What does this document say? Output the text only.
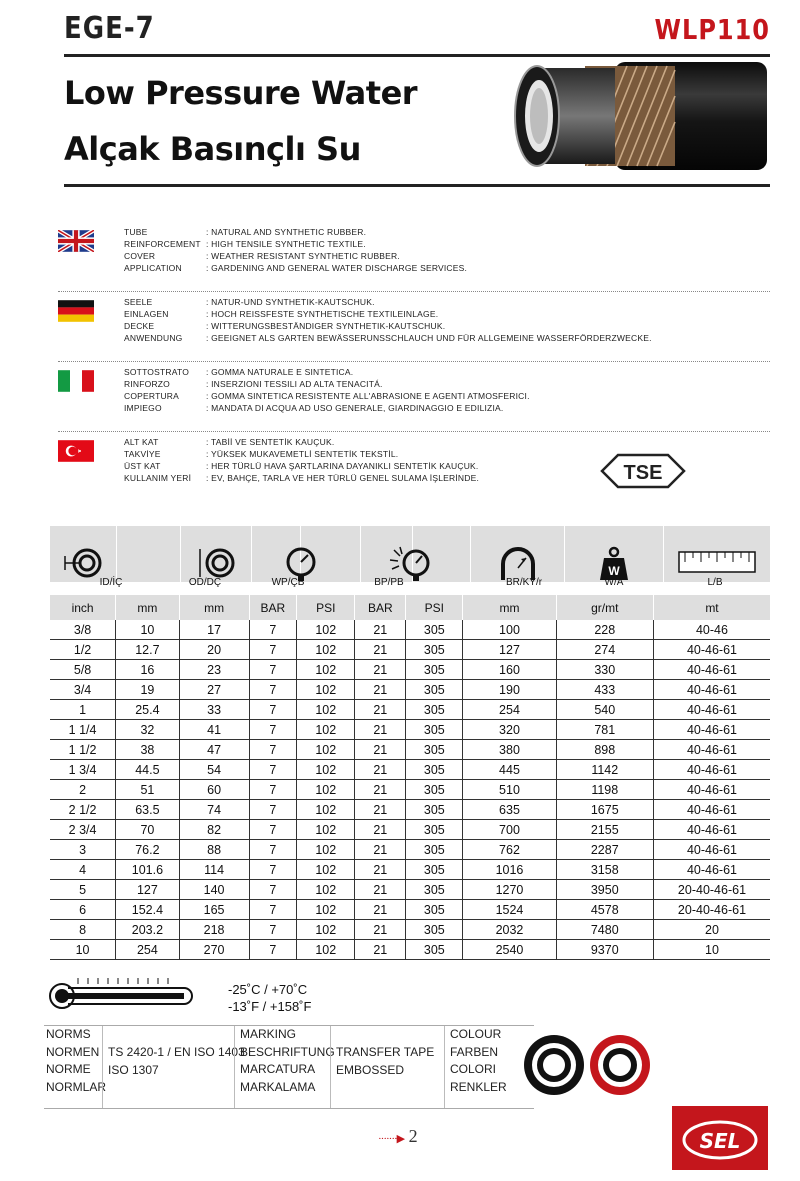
EGE-7	WLP110
Low Pressure Water
Alçak Basınçlı Su
TUBE	: NATURAL AND SYNTHETIC RUBBER.
REINFORCEMENT : HIGH TENSILE SYNTHETIC TEXTILE.
COVER	: WEATHER RESISTANT SYNTHETIC RUBBER.
APPLICATION	: GARDENING AND GENERAL WATER DISCHARGE SERVICES.
SEELE	: NATUR-UND SYNTHETIK-KAUTSCHUK.
EINLAGEN	: HOCH REISSFESTE SYNTHETISCHE TEXTILEINLAGE.
DECKE	: WITTERUNGSBESTÄNDIGER SYNTHETIK-KAUTSCHUK.
ANWENDUNG	: GEEIGNET ALS GARTEN BEWÄSSERUNSSCHLAUCH UND FÜR ALLGEMEINE WASSERFÖRDERZWECKE.
SOTTOSTRATO	: GOMMA NATURALE E SINTETICA.
RINFORZO	: INSERZIONI TESSILI AD ALTA TENACITÁ.
COPERTURA	: GOMMA SINTETICA RESISTENTE ALL'ABRASIONE E AGENTI ATMOSFERICI.
IMPIEGO	: MANDATA DI ACQUA AD USO GENERALE, GIARDINAGGIO E EDILIZIA.
ALT KAT	: TABİİ VE SENTETİK KAUÇUK.
TAKVİYE	: YÜKSEK MUKAVEMETLİ SENTETİK TEKSTİL.
ÜST KAT	: HER TÜRLÜ HAVA ŞARTLARINA DAYANIKLI SENTETİK KAUÇUK.
KULLANIM YERİ : EV, BAHÇE, TARLA VE HER TÜRLÜ GENEL SULAMA İŞLERİNDE.	TSE

W

ID/İÇ	OD/DÇ	WP/ÇB	BP/PB	BR/KY/r	W/A	L/B
inch	mm	mm	BAR	PSI	BAR	PSI	mm	gr/mt	mt
3/8	10	17	7	102	21	305	100	228	40-46
1/2	12.7	20	7	102	21	305	127	274	40-46-61
5/8	16	23	7	102	21	305	160	330	40-46-61
3/4	19	27	7	102	21	305	190	433	40-46-61
1	25.4	33	7	102	21	305	254	540	40-46-61
1 1/4	32	41	7	102	21	305	320	781	40-46-61
1 1/2	38	47	7	102	21	305	380	898	40-46-61
1 3/4	44.5	54	7	102	21	305	445	1142	40-46-61
2	51	60	7	102	21	305	510	1198	40-46-61
2 1/2	63.5	74	7	102	21	305	635	1675	40-46-61
2 3/4	70	82	7	102	21	305	700	2155	40-46-61
3	76.2	88	7	102	21	305	762	2287	40-46-61
4	101.6	114	7	102	21	305	1016	3158	40-46-61
5	127	140	7	102	21	305	1270	3950	20-40-46-61
6	152.4	165	7	102	21	305	1524	4578	20-40-46-61
8	203.2	218	7	102	21	305	2032	7480	20
10	254	270	7	102	21	305	2540	9370	10
-25˚C / +70˚C
-13˚F / +158˚F
NORMS
NORMEN
NORME
NORMLAR
TS 2420-1 / EN ISO 1403
ISO 1307
MARKING
BESCHRIFTUNG
MARCATURA
MARKALAMA
TRANSFER TAPE
EMBOSSED
COLOUR
FARBEN
COLORI
RENKLER
·······▶ 2	SEL
